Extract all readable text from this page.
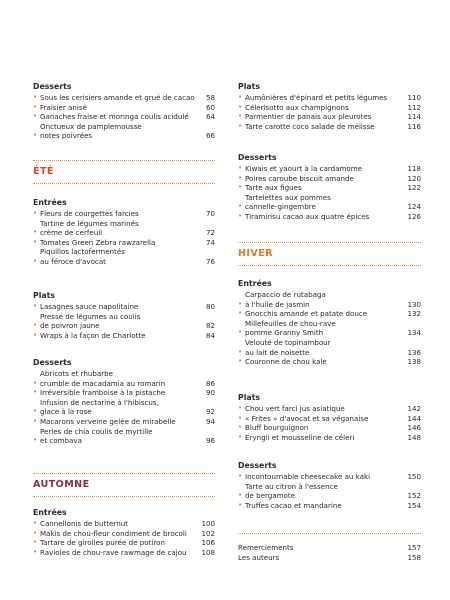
Desserts
• Sous les cerisiers amande et grué de cacao	58
• Fraisier anisé	60
• Ganaches fraise et moringa coulis acidulé	64
•
Onctueux de pamplemousse
notes poivrées	66
ÉTÉ
Entrées
• Fleurs de courgettes farcies	70
•
Tartine de légumes marinés
crème de cerfeuil	72
• Tomates Green Zebra rawzarella	74
•
Piquillos lactofermentés
au féroce d'avocat	76
Plats
• Lasagnes sauce napolitaine	80
•
Pressé de légumes au coulis
de poivron jaune	82
• Wraps à la façon de Charlotte	84
Desserts
•
Abricots et rhubarbe
crumble de macadamia au romarin	86
• Irréversible framboise à la pistache	90
•
Infusion de nectarine à l'hibiscus,
glace à la rose	92
• Macarons verveine gelée de mirabelle	94
•
Perles de chia coulis de myrtille
et combava	96
AUTOMNE
Entrées
• Cannellonis de butternut	100
• Makis de chou-fleur condiment de brocoli	102
• Tartare de girolles purée de potiron	106
• Ravioles de chou-rave rawmage de cajou	108
Plats
• Aumônières d'épinard et petits légumes	110
• Célerisotto aux champignons	112
• Parmentier de panais aux pleurotes	114
• Tarte carotte coco salade de mélisse	116
Desserts
• Kiwais et yaourt à la cardamome	118
• Poires caroube biscuit amande	120
• Tarte aux figues	122
•
Tartelettes aux pommes
cannelle-gingembre	124
• Tiramirisu cacao aux quatre épices	126
HIVER
Entrées
•
Carpaccio de rutabaga
à l'huile de jasmin	130
• Gnocchis amande et patate douce	132
•
Millefeuilles de chou-rave
pomme Granny Smith	134
•
Velouté de topinambour
au lait de noisette	136
• Couronne de chou kale	138
Plats
• Chou vert farci jus asiatique	142
• « Frites » d'avocat et sa véganaise	144
• Bluff bourguignon	146
• Eryngii et mousseline de céleri	148
Desserts
• Incontournable cheesecake au kaki	150
•
Tarte au citron à l'essence
de bergamote	152
• Truffes cacao et mandarine	154
Remerciements	157
Les auteurs	158
